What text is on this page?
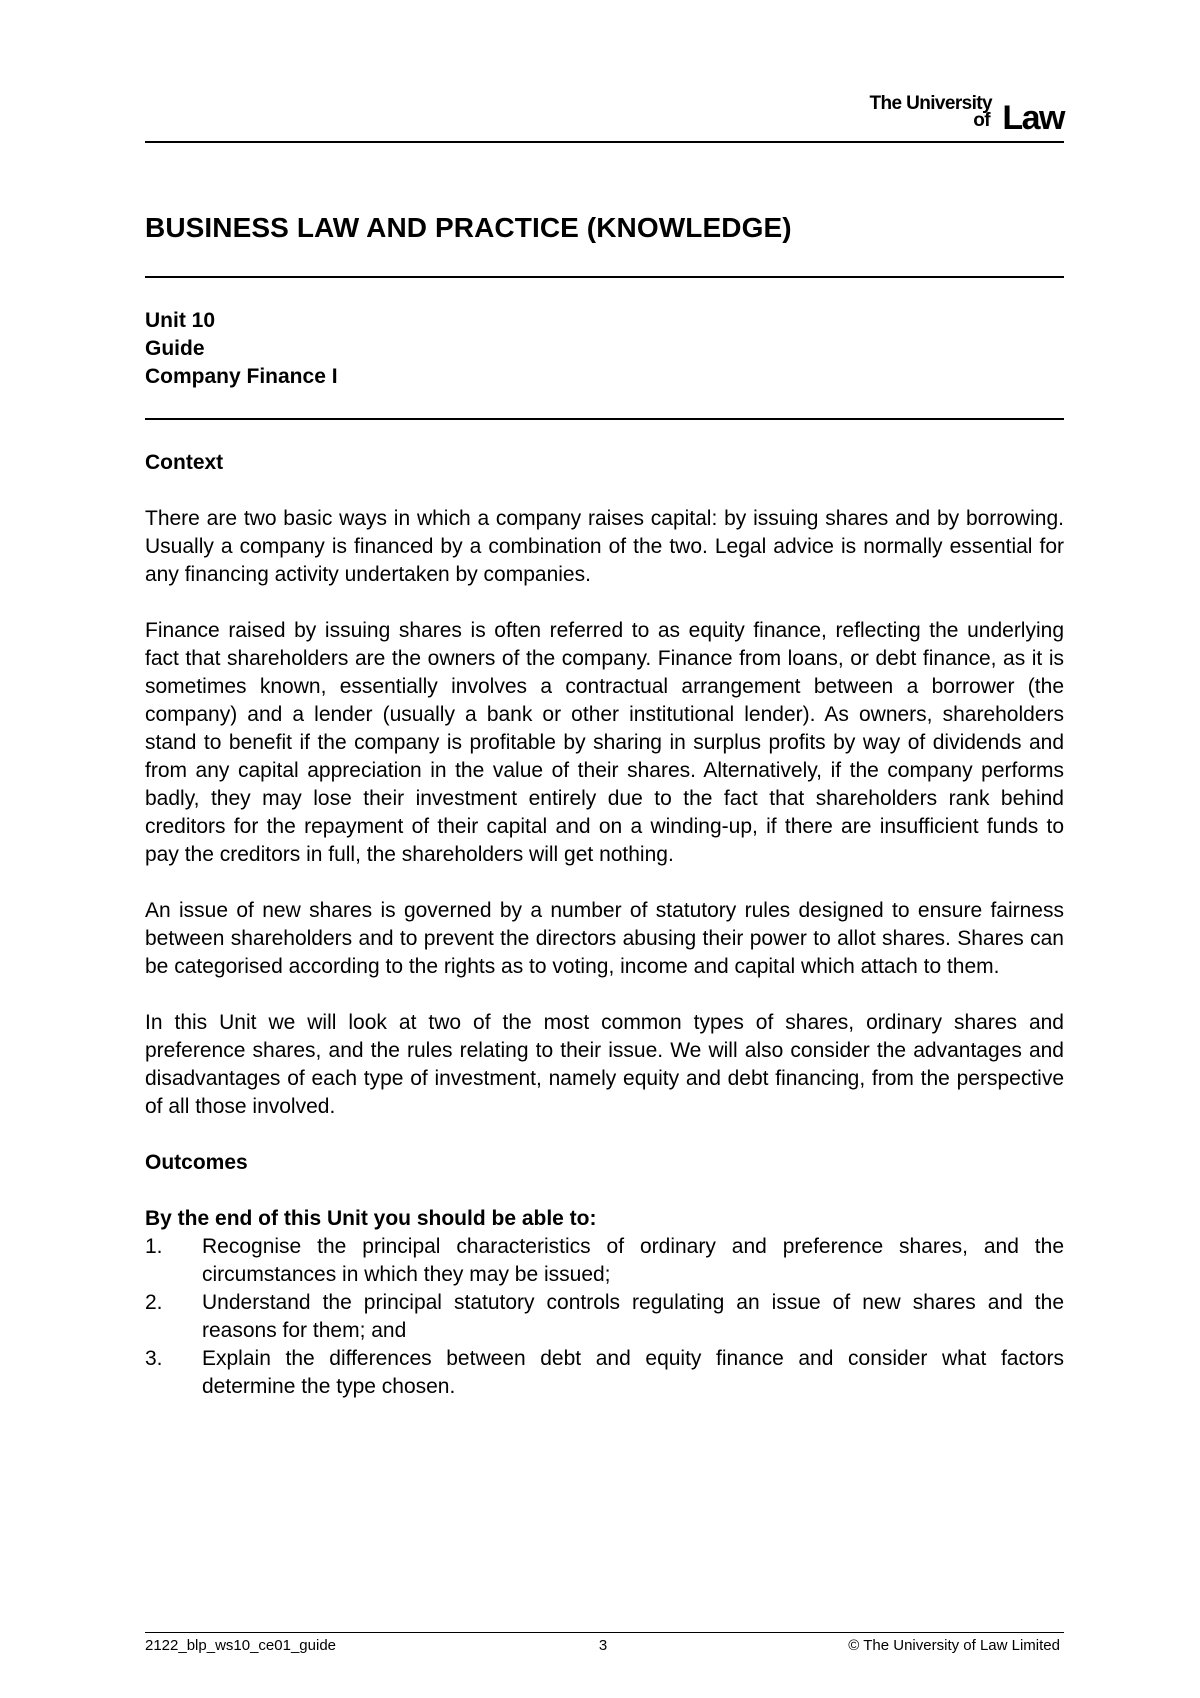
The University
of Law
BUSINESS LAW AND PRACTICE (KNOWLEDGE)
Unit 10
Guide
Company Finance I
Context

There are two basic ways in which a company raises capital: by issuing shares and by borrowing. Usually a company is financed by a combination of the two. Legal advice is normally essential for any financing activity undertaken by companies.

Finance raised by issuing shares is often referred to as equity finance, reflecting the underlying fact that shareholders are the owners of the company. Finance from loans, or debt finance, as it is sometimes known, essentially involves a contractual arrangement between a borrower (the company) and a lender (usually a bank or other institutional lender). As owners, shareholders stand to benefit if the company is profitable by sharing in surplus profits by way of dividends and from any capital appreciation in the value of their shares. Alternatively, if the company performs badly, they may lose their investment entirely due to the fact that shareholders rank behind creditors for the repayment of their capital and on a winding-up, if there are insufficient funds to pay the creditors in full, the shareholders will get nothing.

An issue of new shares is governed by a number of statutory rules designed to ensure fairness between shareholders and to prevent the directors abusing their power to allot shares. Shares can be categorised according to the rights as to voting, income and capital which attach to them.

In this Unit we will look at two of the most common types of shares, ordinary shares and preference shares, and the rules relating to their issue. We will also consider the advantages and disadvantages of each type of investment, namely equity and debt financing, from the perspective of all those involved.

Outcomes
By the end of this Unit you should be able to:
1. Recognise the principal characteristics of ordinary and preference shares, and the circumstances in which they may be issued;
2. Understand the principal statutory controls regulating an issue of new shares and the reasons for them; and
3. Explain the differences between debt and equity finance and consider what factors determine the type chosen.
2122_blp_ws10_ce01_guide	3	© The University of Law Limited
